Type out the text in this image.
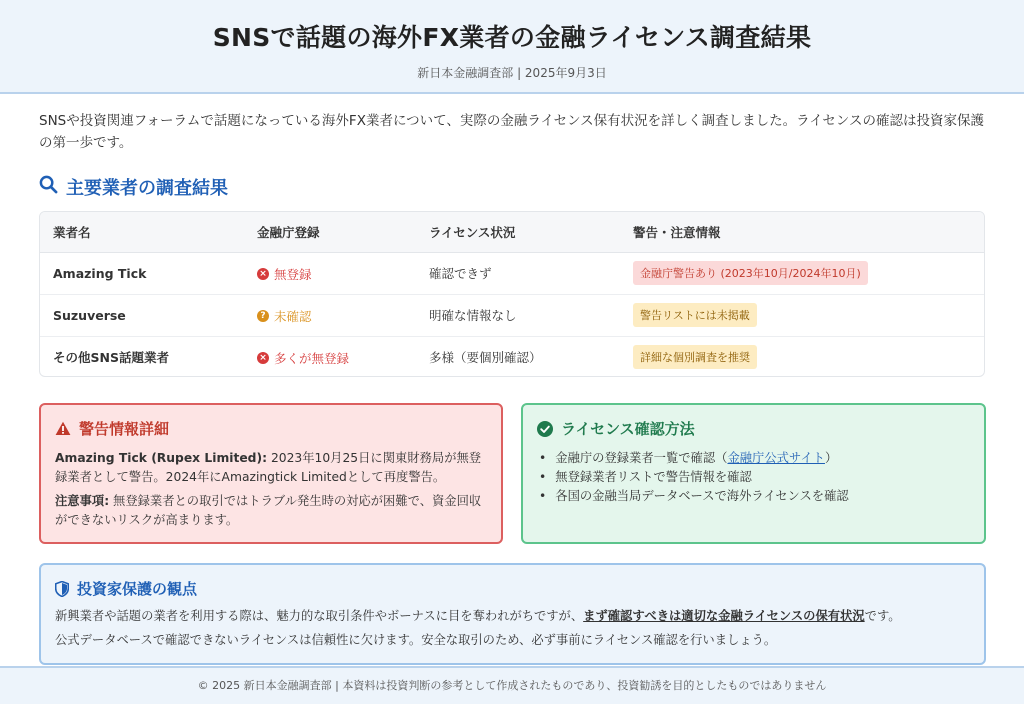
SNSで話題の海外FX業者の金融ライセンス調査結果
新日本金融調査部 | 2025年9月3日

SNSや投資関連フォーラムで話題になっている海外FX業者について、実際の金融ライセンス保有状況を詳しく調査しました。ライセンスの確認は投資家保護の第一歩です。

主要業者の調査結果
業者名	金融庁登録	ライセンス状況	警告・注意情報
Amazing Tick	× 無登録	確認できず	金融庁警告あり (2023年10月/2024年10月)
Suzuverse	? 未確認	明確な情報なし	警告リストには未掲載
その他SNS話題業者	× 多くが無登録	多様（要個別確認）	詳細な個別調査を推奨
警告情報詳細

Amazing Tick (Rupex Limited): 2023年10月25日に関東財務局が無登録業者として警告。2024年にAmazingtick Limitedとして再度警告。

注意事項: 無登録業者との取引ではトラブル発生時の対応が困難で、資金回収ができないリスクが高まります。

ライセンス確認方法
• 金融庁の登録業者一覧で確認（金融庁公式サイト）
• 無登録業者リストで警告情報を確認
• 各国の金融当局データベースで海外ライセンスを確認
投資家保護の観点

新興業者や話題の業者を利用する際は、魅力的な取引条件やボーナスに目を奪われがちですが、まず確認すべきは適切な金融ライセンスの保有状況です。

公式データベースで確認できないライセンスは信頼性に欠けます。安全な取引のため、必ず事前にライセンス確認を行いましょう。

© 2025 新日本金融調査部 | 本資料は投資判断の参考として作成されたものであり、投資勧誘を目的としたものではありません
